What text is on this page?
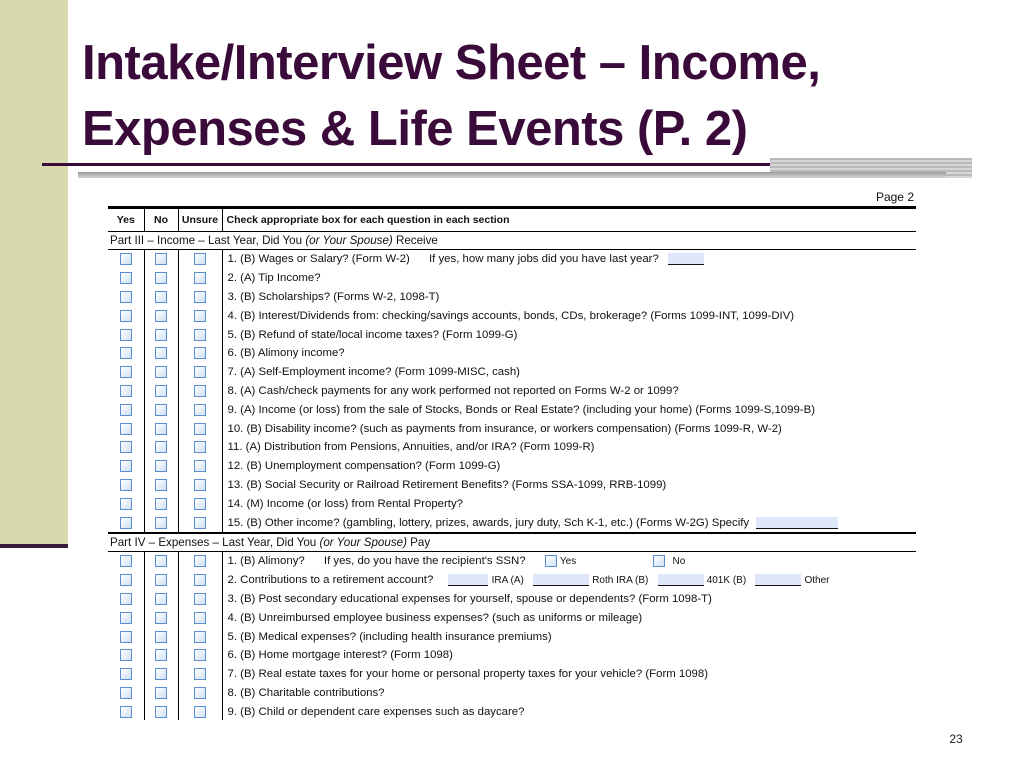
Intake/Interview Sheet – Income,
Expenses & Life Events (P. 2)
Page 2
Yes	No	Unsure	Check appropriate box for each question in each section
Part III – Income – Last Year, Did You (or Your Spouse) Receive			
			1. (B) Wages or Salary? (Form W-2) If yes, how many jobs did you have last year?
			2. (A) Tip Income?
			3. (B) Scholarships? (Forms W-2, 1098-T)
			4. (B) Interest/Dividends from: checking/savings accounts, bonds, CDs, brokerage? (Forms 1099-INT, 1099-DIV)
			5. (B) Refund of state/local income taxes? (Form 1099-G)
			6. (B) Alimony income?
			7. (A) Self-Employment income? (Form 1099-MISC, cash)
			8. (A) Cash/check payments for any work performed not reported on Forms W-2 or 1099?
			9. (A) Income (or loss) from the sale of Stocks, Bonds or Real Estate? (including your home) (Forms 1099-S,1099-B)
			10. (B) Disability income? (such as payments from insurance, or workers compensation) (Forms 1099-R, W-2)
			11. (A) Distribution from Pensions, Annuities, and/or IRA? (Form 1099-R)
			12. (B) Unemployment compensation? (Form 1099-G)
			13. (B) Social Security or Railroad Retirement Benefits? (Forms SSA-1099, RRB-1099)
			14. (M) Income (or loss) from Rental Property?
			15. (B) Other income? (gambling, lottery, prizes, awards, jury duty, Sch K-1, etc.) (Forms W-2G) Specify
Part IV – Expenses – Last Year, Did You (or Your Spouse) Pay			
			1. (B) Alimony? If yes, do you have the recipient's SSN? Yes No
			2. Contributions to a retirement account? IRA (A) Roth IRA (B) 401K (B) Other
			3. (B) Post secondary educational expenses for yourself, spouse or dependents? (Form 1098-T)
			4. (B) Unreimbursed employee business expenses? (such as uniforms or mileage)
			5. (B) Medical expenses? (including health insurance premiums)
			6. (B) Home mortgage interest? (Form 1098)
			7. (B) Real estate taxes for your home or personal property taxes for your vehicle? (Form 1098)
			8. (B) Charitable contributions?
			9. (B) Child or dependent care expenses such as daycare?
23
